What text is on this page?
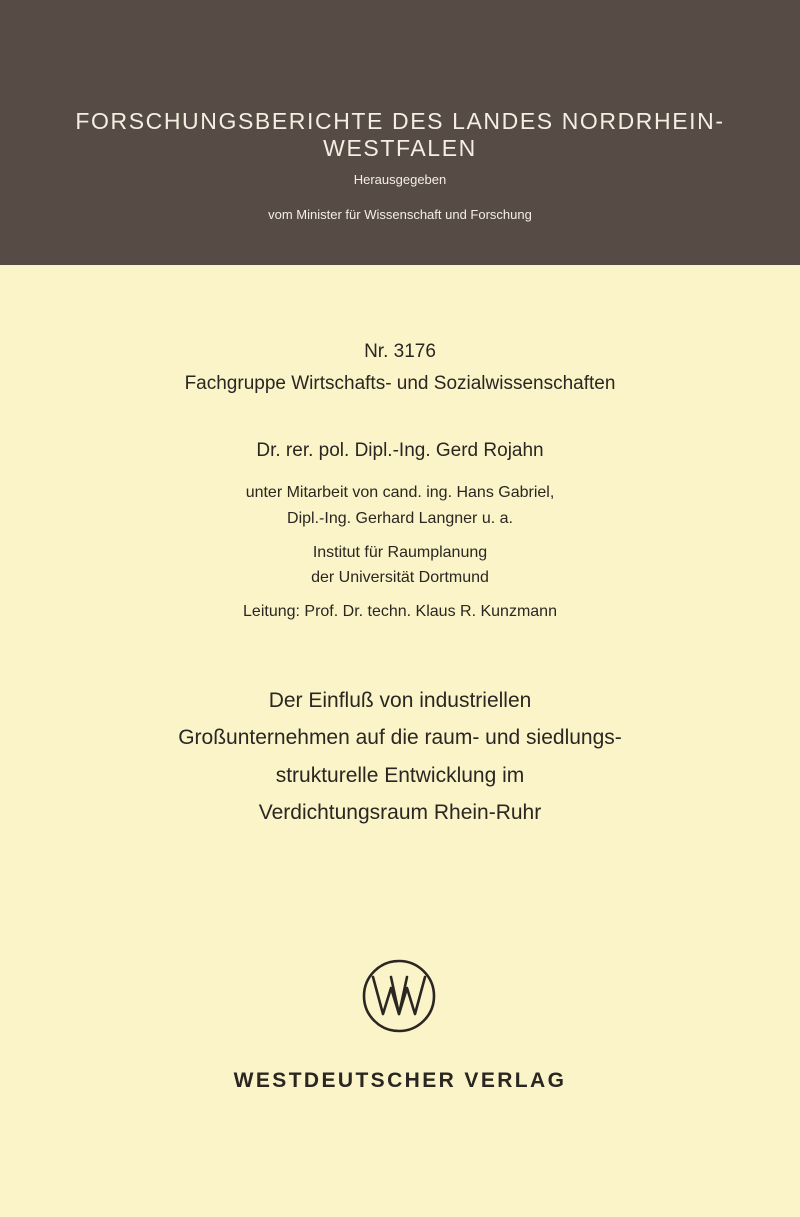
FORSCHUNGSBERICHTE DES LANDES NORDRHEIN-WESTFALEN
Herausgegeben
vom Minister für Wissenschaft und Forschung
Nr. 3176
Fachgruppe Wirtschafts- und Sozialwissenschaften
Dr. rer. pol. Dipl.-Ing. Gerd Rojahn
unter Mitarbeit von cand. ing. Hans Gabriel,
Dipl.-Ing. Gerhard Langner u. a.
Institut für Raumplanung
der Universität Dortmund
Leitung: Prof. Dr. techn. Klaus R. Kunzmann
Der Einfluß von industriellen
Großunternehmen auf die raum- und siedlungs-
strukturelle Entwicklung im
Verdichtungsraum Rhein-Ruhr
WESTDEUTSCHER VERLAG
